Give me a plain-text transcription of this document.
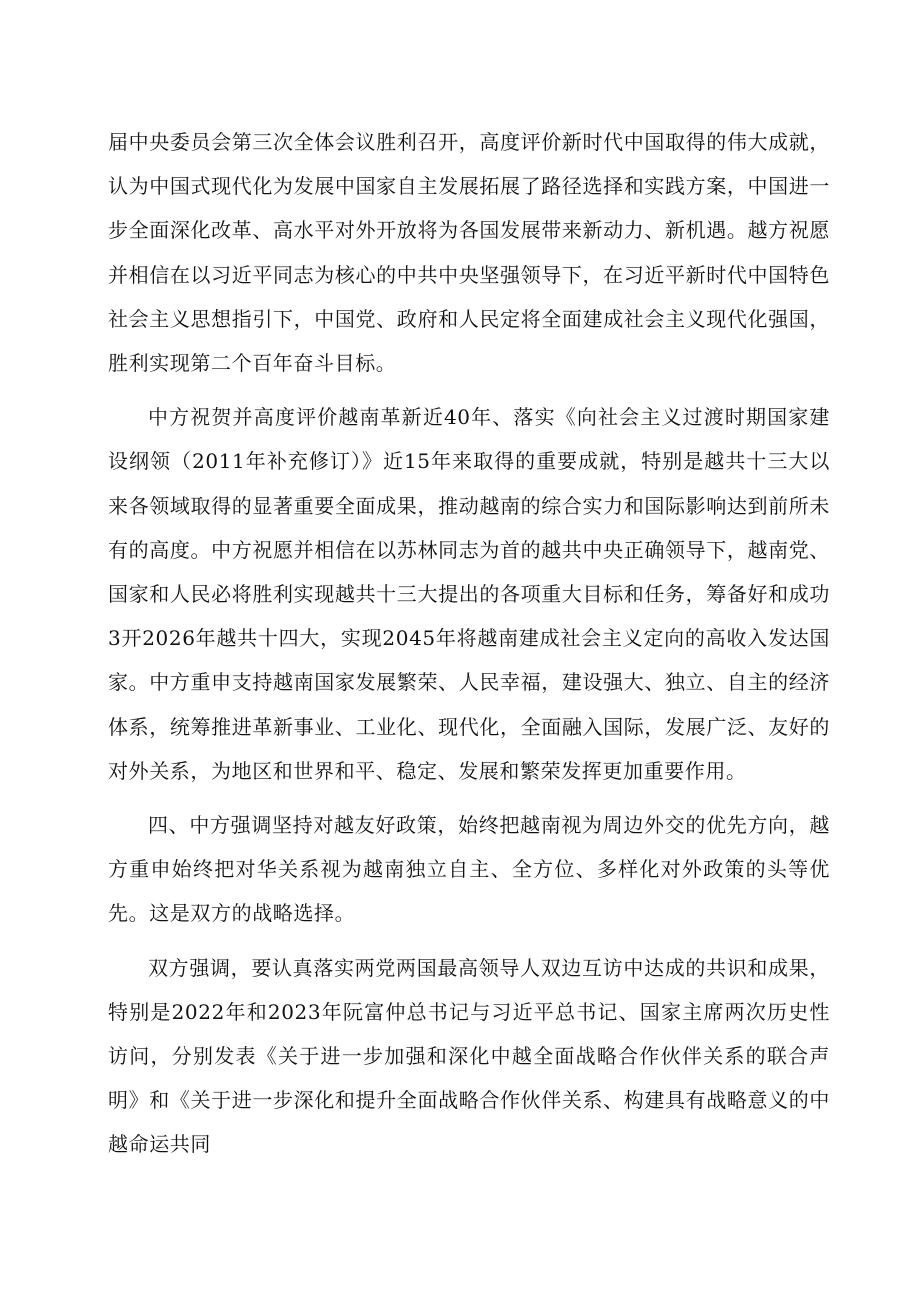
届中央委员会第三次全体会议胜利召开，高度评价新时代中国取得的伟大成就，认为中国式现代化为发展中国家自主发展拓展了路径选择和实践方案，中国进一步全面深化改革、高水平对外开放将为各国发展带来新动力、新机遇。越方祝愿并相信在以习近平同志为核心的中共中央坚强领导下，在习近平新时代中国特色社会主义思想指引下，中国党、政府和人民定将全面建成社会主义现代化强国，胜利实现第二个百年奋斗目标。

中方祝贺并高度评价越南革新近40年、落实《向社会主义过渡时期国家建设纲领（2011年补充修订）》近15年来取得的重要成就，特别是越共十三大以来各领域取得的显著重要全面成果，推动越南的综合实力和国际影响达到前所未有的高度。中方祝愿并相信在以苏林同志为首的越共中央正确领导下，越南党、国家和人民必将胜利实现越共十三大提出的各项重大目标和任务，筹备好和成功3开2026年越共十四大，实现2045年将越南建成社会主义定向的高收入发达国家。中方重申支持越南国家发展繁荣、人民幸福，建设强大、独立、自主的经济体系，统筹推进革新事业、工业化、现代化，全面融入国际，发展广泛、友好的对外关系，为地区和世界和平、稳定、发展和繁荣发挥更加重要作用。

四、中方强调坚持对越友好政策，始终把越南视为周边外交的优先方向，越方重申始终把对华关系视为越南独立自主、全方位、多样化对外政策的头等优先。这是双方的战略选择。

双方强调，要认真落实两党两国最高领导人双边互访中达成的共识和成果，特别是2022年和2023年阮富仲总书记与习近平总书记、国家主席两次历史性访问，分别发表《关于进一步加强和深化中越全面战略合作伙伴关系的联合声明》和《关于进一步深化和提升全面战略合作伙伴关系、构建具有战略意义的中越命运共同
